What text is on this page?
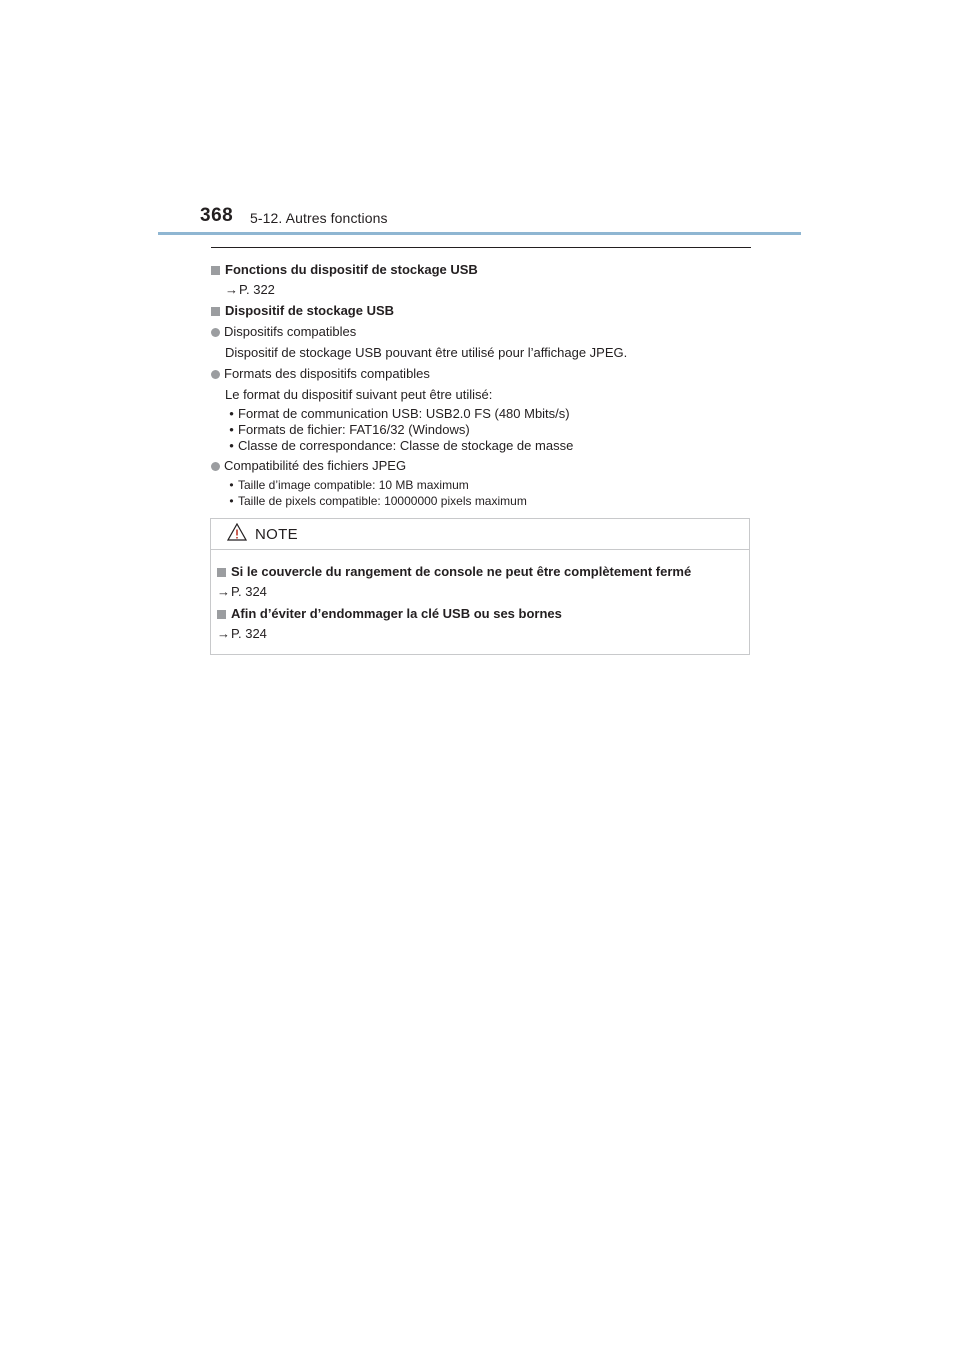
368 5-12. Autres fonctions
Fonctions du dispositif de stockage USB
→P. 322
Dispositif de stockage USB
Dispositifs compatibles
Dispositif de stockage USB pouvant être utilisé pour l’affichage JPEG.
Formats des dispositifs compatibles
Le format du dispositif suivant peut être utilisé:
• Format de communication USB: USB2.0 FS (480 Mbits/s)
• Formats de fichier: FAT16/32 (Windows)
• Classe de correspondance: Classe de stockage de masse
Compatibilité des fichiers JPEG
• Taille d’image compatible: 10 MB maximum
• Taille de pixels compatible: 10000000 pixels maximum
NOTE
Si le couvercle du rangement de console ne peut être complètement fermé
→P. 324
Afin d’éviter d’endommager la clé USB ou ses bornes
→P. 324
